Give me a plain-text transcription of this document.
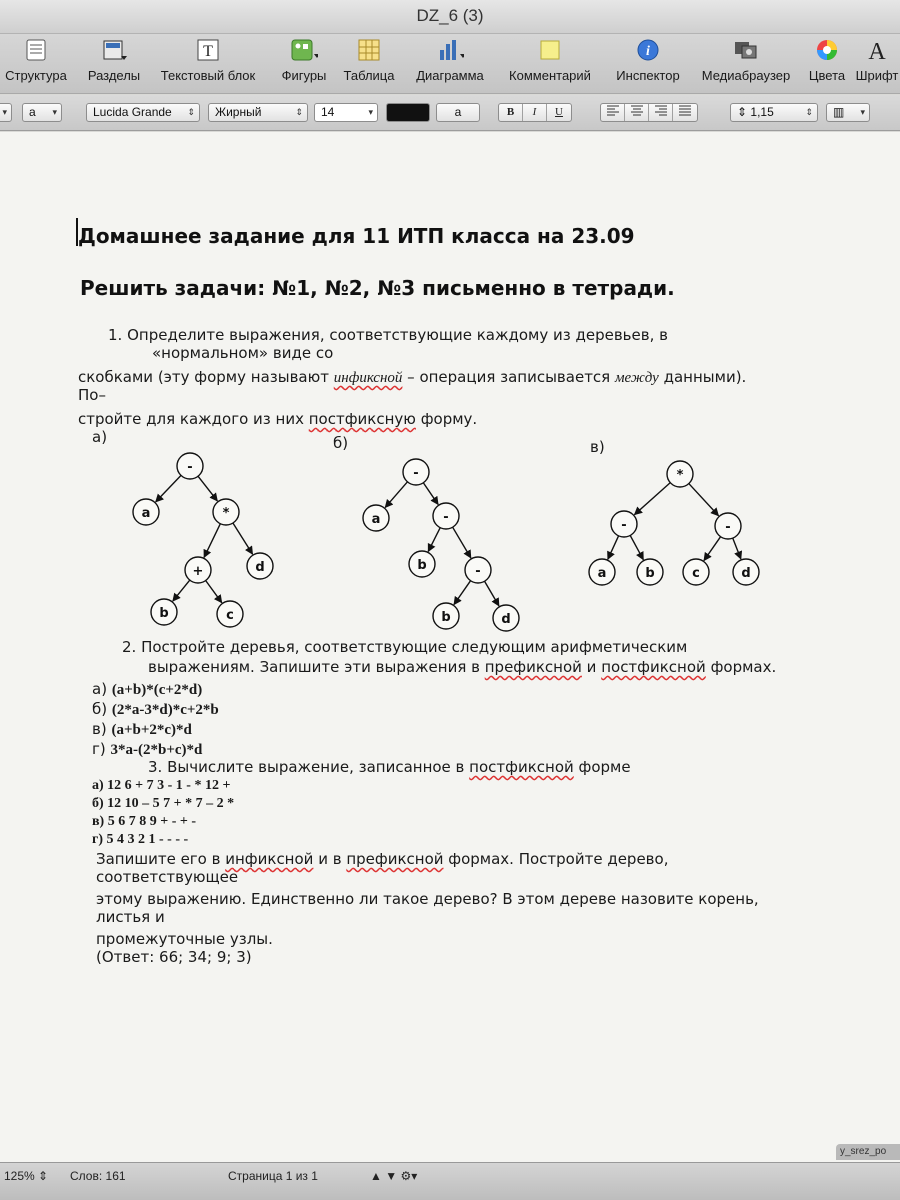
DZ_6 (3)
Структура Разделы
T
Текстовый блок Фигуры Таблица Диаграмма Комментарий
i
Инспектор Медиабраузер Цвета
A
Шрифт
▾	a ▾	Lucida Grande ⇕	Жирный	⇕	14	▾	a	B	I	U	⇕ 1,15	⇕	▥ ▾
Домашнее задание для 11 ИТП класса на 23.09
Решить задачи: №1, №2, №3 письменно в тетради.
1. Определите выражения, соответствующие каждому из деревьев, в
«нормальном» виде со
скобками (эту форму называют инфиксной – операция записывается между данными).
По–
стройте для каждого из них постфиксную форму.
а)	б)	в)
-
a	*
+	d
b	c
-
a	-
b	-
b	d
*
-	-
a	b	c	d
2. Постройте деревья, соответствующие следующим арифметическим
выражениям. Запишите эти выражения в префиксной и постфиксной формах.
а) (a+b)*(c+2*d)
б) (2*a-3*d)*c+2*b
в) (a+b+2*c)*d
г) 3*a-(2*b+c)*d
3. Вычислите выражение, записанное в постфиксной форме
а) 12 6 + 7 3 - 1 - * 12 +
б) 12 10 – 5 7 + * 7 – 2 *
в) 5 6 7 8 9 + - + -
г) 5 4 3 2 1 - - - -
Запишите его в инфиксной и в префиксной формах. Постройте дерево,
соответствующее
этому выражению. Единственно ли такое дерево? В этом дереве назовите корень,
листья и
промежуточные узлы.
(Ответ: 66; 34; 9; 3)
y_srez_po
125% ⇕ Слов: 161	Страница 1 из 1	▲ ▼ ⚙▾
